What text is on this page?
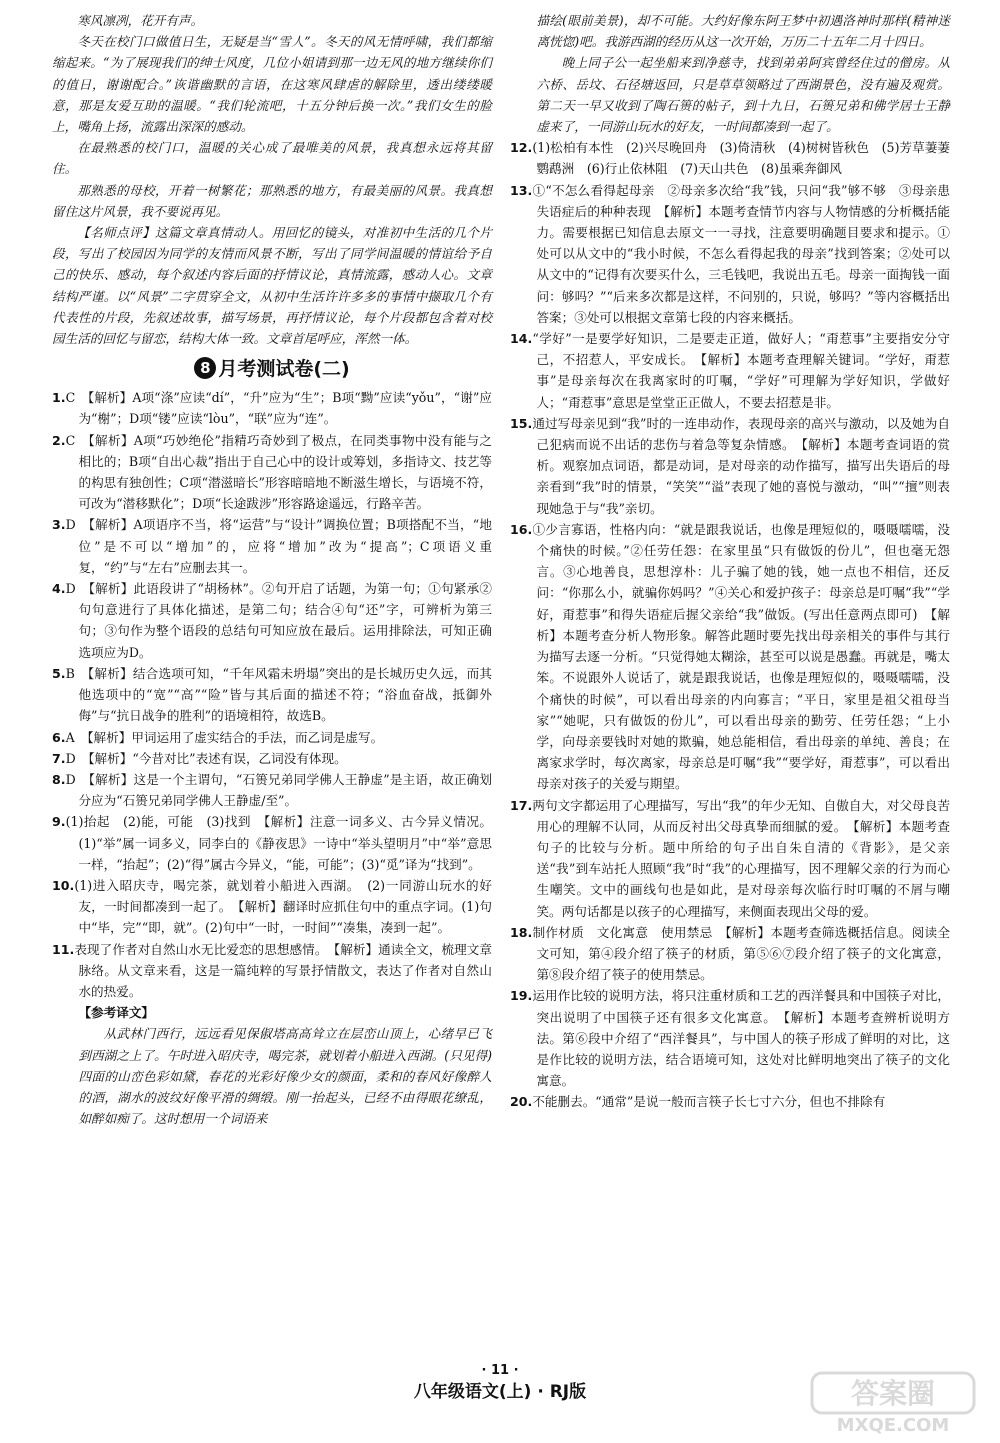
寒风凛冽，花开有声。

冬天在校门口做值日生，无疑是当“雪人”。冬天的风无情呼啸，我们都缩缩起来。“为了展现我们的绅士风度，几位小姐请到那一边无风的地方继续你们的值日，谢谢配合。”诙谐幽默的言语，在这寒风肆虐的解除里，透出缕缕暖意，那是友爱互助的温暖。“我们轮流吧，十五分钟后换一次。”我们女生的脸上，嘴角上扬，流露出深深的感动。

在最熟悉的校门口，温暖的关心成了最唯美的风景，我真想永远将其留住。

那熟悉的母校，开着一树繁花；那熟悉的地方，有最美丽的风景。我真想留住这片风景，我不要说再见。

【名师点评】这篇文章真情动人。用回忆的镜头，对准初中生活的几个片段，写出了校园因为同学的友情而风景不断，写出了同学间温暖的情谊给予自己的快乐、感动，每个叙述内容后面的抒情议论，真情流露，感动人心。文章结构严谨。以“风景”二字贯穿全文，从初中生活许许多多的事情中撷取几个有代表性的片段，先叙述故事，描写场景，再抒情议论，每个片段都包含着对校园生活的回忆与留恋，结构大体一致。文章首尾呼应，浑然一体。

8 月考测试卷(二)

1.C　【解析】A项“涤”应读“dí”，“升”应为“生”；B项“黝”应读“yǒu”，“谢”应为“榭”；D项“镂”应读“lòu”，“联”应为“连”。

2.C　【解析】A项“巧妙绝伦”指精巧奇妙到了极点，在同类事物中没有能与之相比的；B项“自出心裁”指出于自己心中的设计或筹划，多指诗文、技艺等的构思有独创性；C项“潜滋暗长”形容暗暗地不断滋生增长，与语境不符，可改为“潜移默化”；D项“长途跋涉”形容路途遥远，行路辛苦。

3.D　【解析】A项语序不当，将“运营”与“设计”调换位置；B项搭配不当，“地位”是不可以“增加”的，应将“增加”改为“提高”；C项语义重复，“约”与“左右”应删去其一。

4.D　【解析】此语段讲了“胡杨林”。②句开启了话题，为第一句；①句紧承②句句意进行了具体化描述，是第二句；结合④句“还”字，可辨析为第三句；③句作为整个语段的总结句可知应放在最后。运用排除法，可知正确选项应为D。

5.B　【解析】结合选项可知，“千年风霜未坍塌”突出的是长城历史久远，而其他选项中的“宽”“高”“险”皆与其后面的描述不符；“浴血奋战，抵御外侮”与“抗日战争的胜利”的语境相符，故选B。

6.A　【解析】甲词运用了虚实结合的手法，而乙词是虚写。

7.D　【解析】“今昔对比”表述有误，乙词没有体现。

8.D　【解析】这是一个主谓句，“石篑兄弟同学佛人王静虚”是主语，故正确划分应为“石篑兄弟同学佛人王静虚/至”。

9.(1)抬起　(2)能，可能　(3)找到　【解析】注意一词多义、古今异义情况。(1)“举”属一词多义，同李白的《静夜思》一诗中“举头望明月”中“举”意思一样，“抬起”；(2)“得”属古今异义，“能，可能”；(3)“觅”译为“找到”。

10.(1)进入昭庆寺，喝完茶，就划着小船进入西湖。　(2)一同游山玩水的好友，一时间都凑到一起了。　【解析】翻译时应抓住句中的重点字词。(1)句中“毕，完”“即，就”。(2)句中“一时，一时间”“凑集，凑到一起”。

11.表现了作者对自然山水无比爱恋的思想感情。　【解析】通读全文，梳理文章脉络。从文章来看，这是一篇纯粹的写景抒情散文，表达了作者对自然山水的热爱。

【参考译文】

从武林门西行，远远看见保俶塔高高耸立在层峦山顶上，心绪早已飞到西湖之上了。午时进入昭庆寺，喝完茶，就划着小船进入西湖。(只见得)四面的山峦色彩如黛，春花的光彩好像少女的颜面，柔和的春风好像醉人的酒，湖水的波纹好像平滑的绸缎。刚一抬起头，已经不由得眼花缭乱，如醉如痴了。这时想用一个词语来

描绘(眼前美景)，却不可能。大约好像东阿王梦中初遇洛神时那样(精神迷离恍惚)吧。我游西湖的经历从这一次开始，万历二十五年二月十四日。

晚上同子公一起坐船来到净慈寺，找到弟弟阿宾曾经住过的僧房。从六桥、岳坟、石径塘返回，只是草草领略过了西湖景色，没有遍及观赏。第二天一早又收到了陶石篑的帖子，到十九日，石篑兄弟和佛学居士王静虚来了，一同游山玩水的好友，一时间都凑到一起了。

12.(1)松柏有本性　(2)兴尽晚回舟　(3)倚清秋　(4)树树皆秋色　(5)芳草萋萋鹦鹉洲　(6)行止依林阻　(7)天山共色　(8)虽乘奔御风

13.①“不怎么看得起母亲　②母亲多次给“我”钱，只问“我”够不够　③母亲患失语症后的种种表现　【解析】本题考查情节内容与人物情感的分析概括能力。需要根据已知信息去原文一一寻找，注意要明确题目要求和提示。①处可以从文中的“我小时候，不怎么看得起我的母亲”找到答案；②处可以从文中的“记得有次要买什么，三毛钱吧，我说出五毛。母亲一面掏钱一面问：够吗？”“后来多次都是这样，不问别的，只说，够吗？”等内容概括出答案；③处可以根据文章第七段的内容来概括。

14.“学好”一是要学好知识，二是要走正道，做好人；“甭惹事”主要指安分守己，不招惹人，平安成长。　【解析】本题考查理解关键词。“学好，甭惹事”是母亲每次在我离家时的叮嘱，“学好”可理解为学好知识，学做好人；“甭惹事”意思是堂堂正正做人，不要去招惹是非。

15.通过写母亲见到“我”时的一连串动作，表现母亲的高兴与激动，以及她为自己犯病而说不出话的悲伤与着急等复杂情感。　【解析】本题考查词语的赏析。观察加点词语，都是动词，是对母亲的动作描写，描写出失语后的母亲看到“我”时的情景，“笑笑”“溢”表现了她的喜悦与激动，“叫”“擅”则表现她急于与“我”亲切。

16.①少言寡语，性格内向：“就是跟我说话，也像是理短似的，嗫嗫嚅嚅，没个痛快的时候。”②任劳任怨：在家里虽“只有做饭的份儿”，但也毫无怨言。③心地善良，思想淳朴：儿子骗了她的钱，她一点也不相信，还反问：“你那么小，就骗你妈吗？”④关心和爱护孩子：母亲总是叮嘱“我”“学好，甭惹事”和得失语症后握父亲给“我”做饭。(写出任意两点即可)　【解析】本题考查分析人物形象。解答此题时要先找出母亲相关的事件与其行为描写去逐一分析。“只觉得她太糊涂，甚至可以说是愚蠢。再就是，嘴太笨。不说跟外人说话了，就是跟我说话，也像是理短似的，嗫嗫嚅嚅，没个痛快的时候”，可以看出母亲的内向寡言；“平日，家里是祖父祖母当家”“她呢，只有做饭的份儿”，可以看出母亲的勤劳、任劳任怨；“上小学，向母亲要钱时对她的欺骗，她总能相信，看出母亲的单纯、善良；在离家求学时，每次离家，母亲总是叮嘱“我”“要学好，甭惹事”，可以看出母亲对孩子的关爱与期望。

17.两句文字都运用了心理描写，写出“我”的年少无知、自傲自大，对父母良苦用心的理解不认同，从而反衬出父母真挚而细腻的爱。　【解析】本题考查句子的比较与分析。题中所给的句子出自朱自清的《背影》，是父亲送“我”到车站托人照顾“我”时“我”的心理描写，因不理解父亲的行为而心生嘲笑。文中的画线句也是如此，是对母亲每次临行时叮嘱的不屑与嘲笑。两句话都是以孩子的心理描写，来侧面表现出父母的爱。

18.制作材质　文化寓意　使用禁忌　【解析】本题考查筛选概括信息。阅读全文可知，第④段介绍了筷子的材质，第⑤⑥⑦段介绍了筷子的文化寓意，第⑧段介绍了筷子的使用禁忌。

19.运用作比较的说明方法，将只注重材质和工艺的西洋餐具和中国筷子对比，突出说明了中国筷子还有很多文化寓意。　【解析】本题考查辨析说明方法。第⑥段中介绍了“西洋餐具”，与中国人的筷子形成了鲜明的对比，这是作比较的说明方法，结合语境可知，这处对比鲜明地突出了筷子的文化寓意。

20.不能删去。“通常”是说一般而言筷子长七寸六分，但也不排除有

· 11 ·
八年级语文(上) · RJ版	答案圈
MXQE.COM
